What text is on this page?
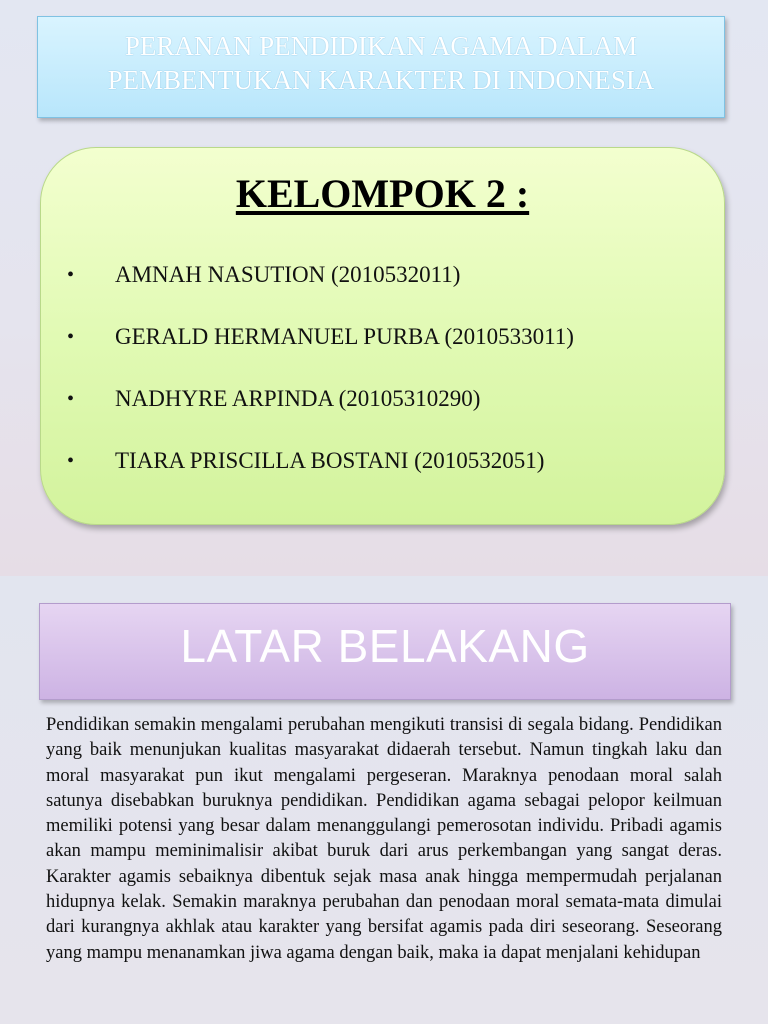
PERANAN PENDIDIKAN AGAMA DALAM
PEMBENTUKAN KARAKTER DI INDONESIA
KELOMPOK 2 :
• AMNAH NASUTION (2010532011)
• GERALD HERMANUEL PURBA (2010533011)
• NADHYRE ARPINDA (20105310290)
• TIARA PRISCILLA BOSTANI (2010532051)
LATAR BELAKANG

Pendidikan semakin mengalami perubahan mengikuti transisi di segala bidang. Pendidikan yang baik menunjukan kualitas masyarakat didaerah tersebut. Namun tingkah laku dan moral masyarakat pun ikut mengalami pergeseran. Maraknya penodaan moral salah satunya disebabkan buruknya pendidikan. Pendidikan agama sebagai pelopor keilmuan memiliki potensi yang besar dalam menanggulangi pemerosotan individu. Pribadi agamis akan mampu meminimalisir akibat buruk dari arus perkembangan yang sangat deras. Karakter agamis sebaiknya dibentuk sejak masa anak hingga mempermudah perjalanan hidupnya kelak. Semakin maraknya perubahan dan penodaan moral semata-mata dimulai dari kurangnya akhlak atau karakter yang bersifat agamis pada diri seseorang. Seseorang yang mampu menanamkan jiwa agama dengan baik, maka ia dapat menjalani kehidupan
